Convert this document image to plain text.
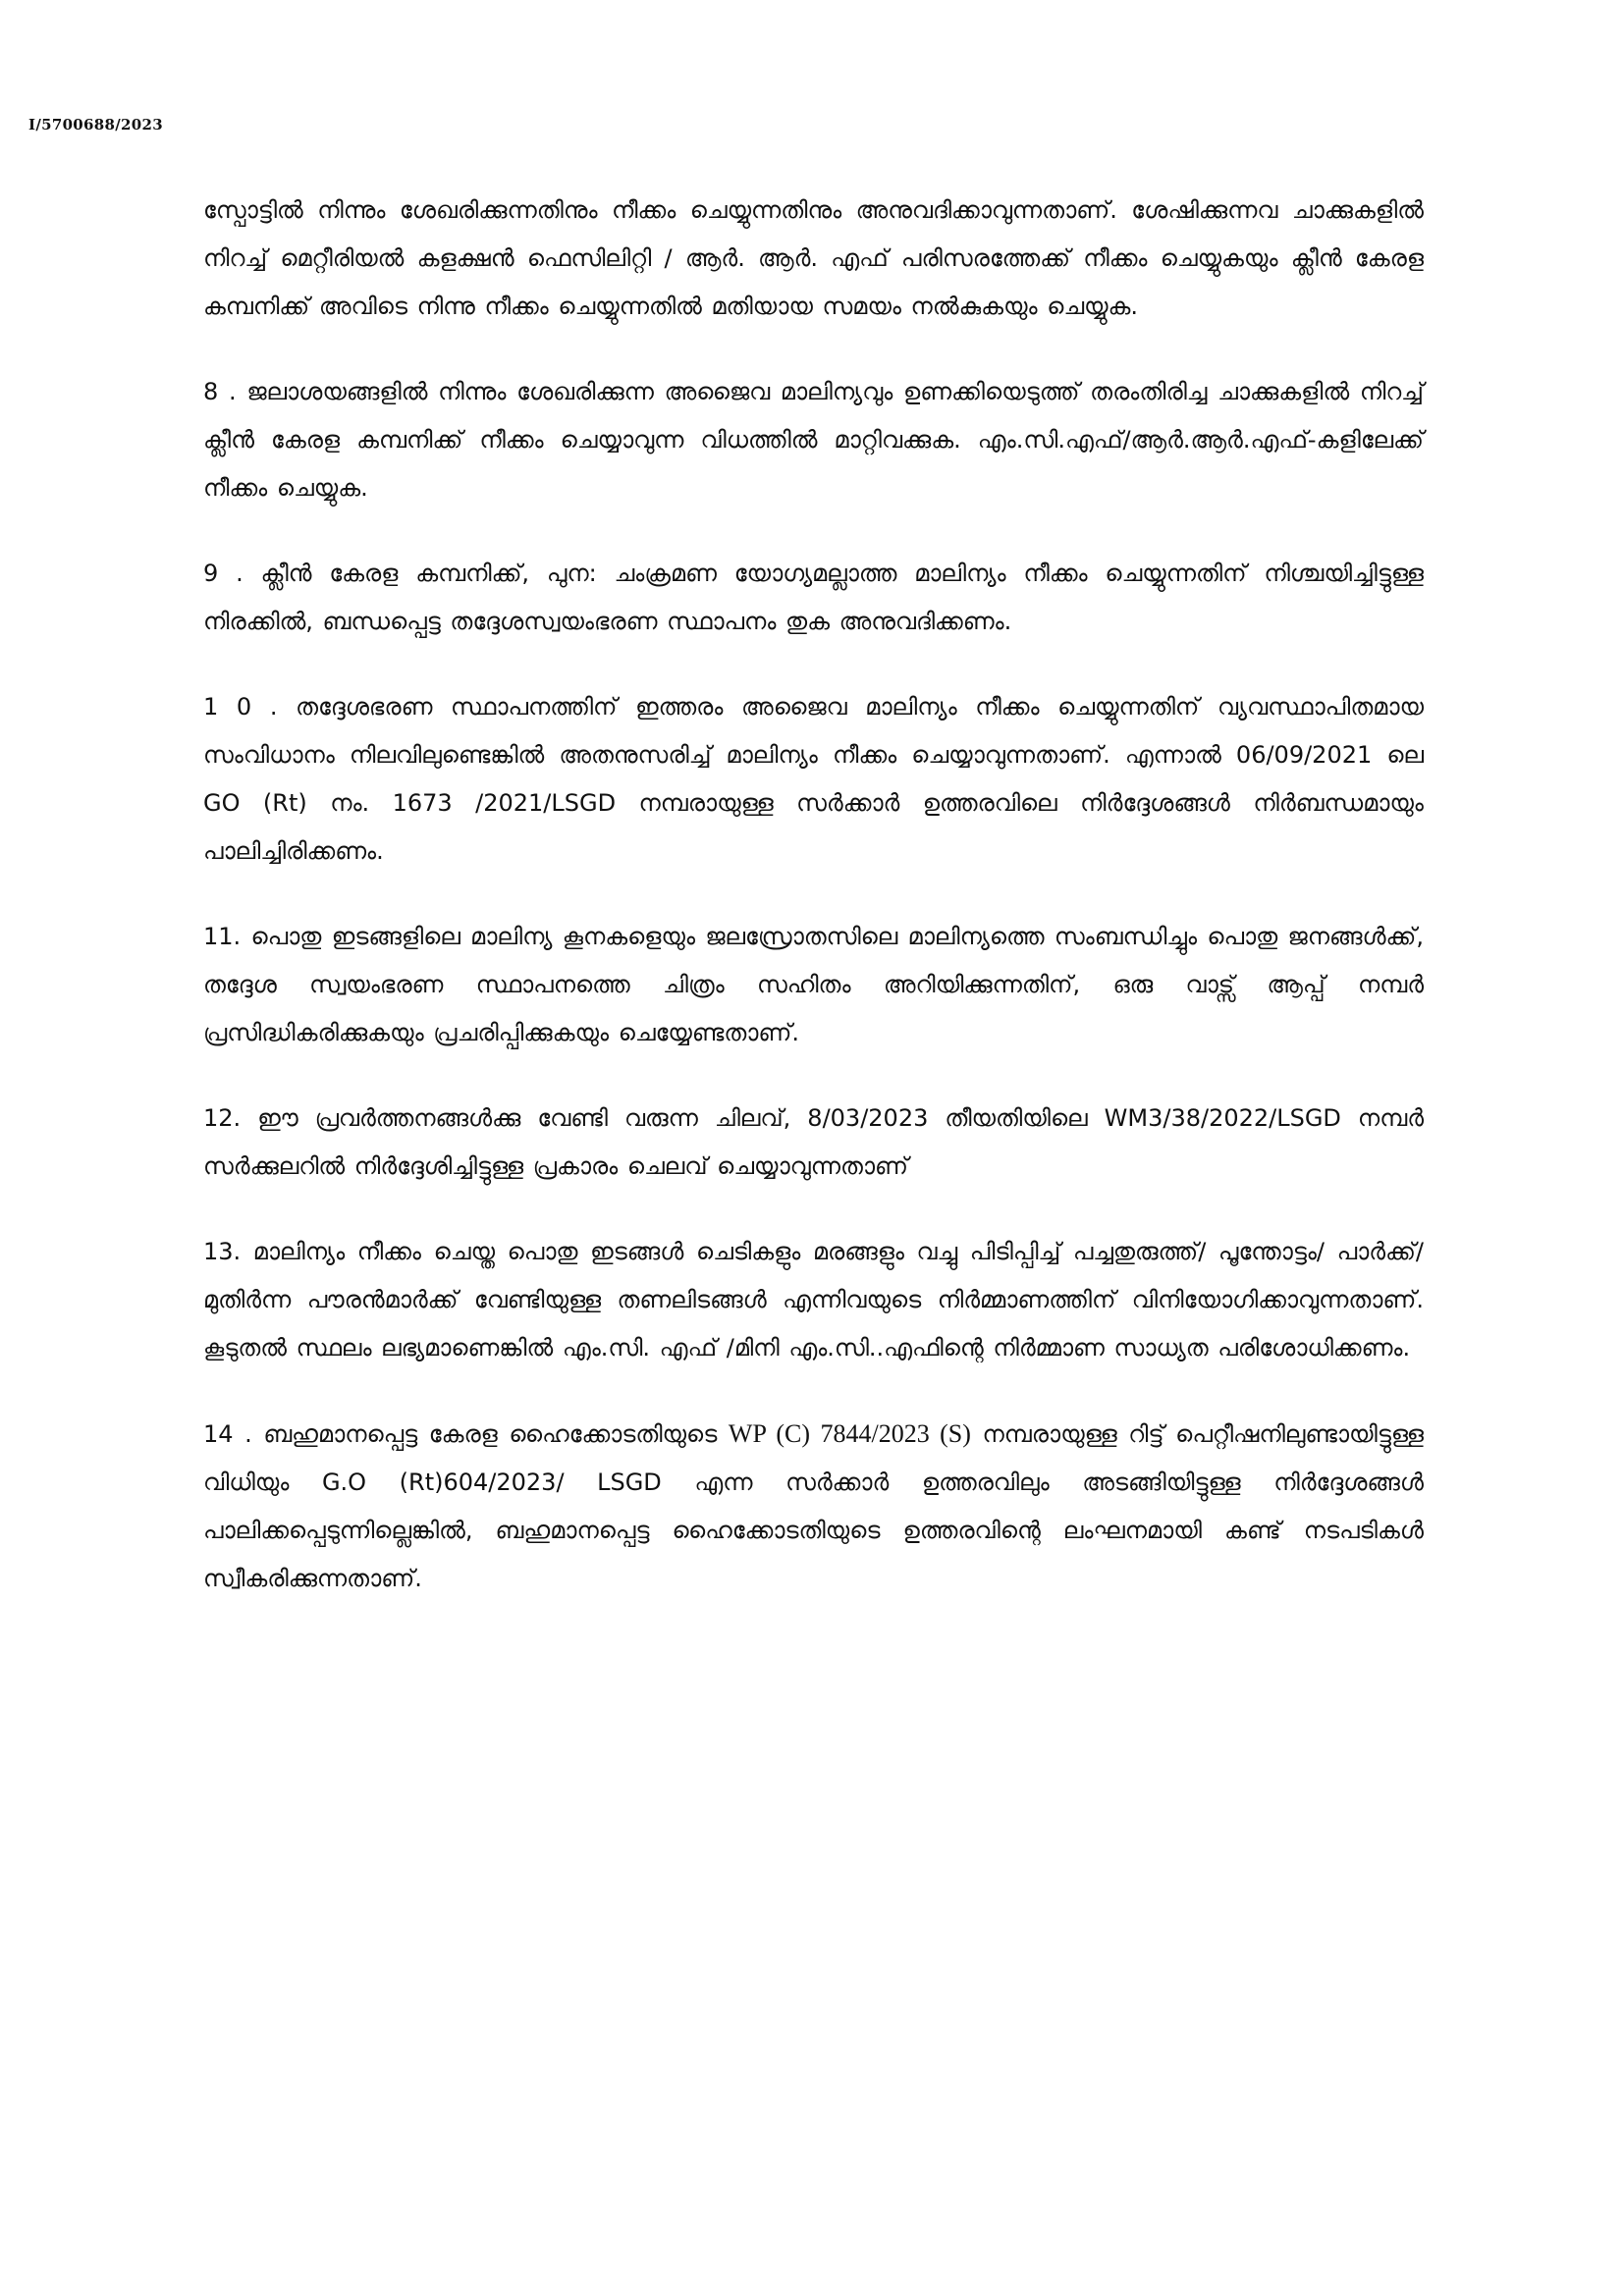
I/5700688/2023

സ്പോട്ടിൽ നിന്നും ശേഖരിക്കുന്നതിനും നീക്കം ചെയ്യുന്നതിനും അനുവദിക്കാവുന്നതാണ്. ശേഷിക്കുന്നവ ചാക്കുകളിൽ നിറച്ച് മെറ്റീരിയൽ കളക്ഷൻ ഫെസിലിറ്റി / ആർ. ആർ. എഫ് പരിസരത്തേക്ക് നീക്കം ചെയ്യുകയും ക്ലീൻ കേരള കമ്പനിക്ക് അവിടെ നിന്നു നീക്കം ചെയ്യുന്നതിൽ മതിയായ സമയം നൽകുകയും ചെയ്യുക.

8 . ജലാശയങ്ങളിൽ നിന്നും ശേഖരിക്കുന്ന അജൈവ മാലിന്യവും ഉണക്കിയെടുത്ത് തരംതിരിച്ച ചാക്കുകളിൽ നിറച്ച് ക്ലീൻ കേരള കമ്പനിക്ക് നീക്കം ചെയ്യാവുന്ന വിധത്തിൽ മാറ്റിവക്കുക. എം.സി.എഫ്/ആർ.ആർ.എഫ്-കളിലേക്ക് നീക്കം ചെയ്യുക.

9 . ക്ലീൻ കേരള കമ്പനിക്ക്, പുന: ചംക്രമണ യോഗ്യമല്ലാത്ത മാലിന്യം നീക്കം ചെയ്യുന്നതിന് നിശ്ചയിച്ചിട്ടുള്ള നിരക്കിൽ, ബന്ധപ്പെട്ട തദ്ദേശസ്വയംഭരണ സ്ഥാപനം തുക അനുവദിക്കണം.

1 0 . തദ്ദേശഭരണ സ്ഥാപനത്തിന് ഇത്തരം അജൈവ മാലിന്യം നീക്കം ചെയ്യുന്നതിന് വ്യവസ്ഥാപിതമായ സംവിധാനം നിലവിലുണ്ടെങ്കിൽ അതനുസരിച്ച് മാലിന്യം നീക്കം ചെയ്യാവുന്നതാണ്. എന്നാൽ 06/09/2021 ലെ GO (Rt) നം. 1673 /2021/LSGD നമ്പരായുള്ള സർക്കാർ ഉത്തരവിലെ നിർദ്ദേശങ്ങൾ നിർബന്ധമായും പാലിച്ചിരിക്കണം.

11. പൊതു ഇടങ്ങളിലെ മാലിന്യ കൂനകളെയും ജലസ്രോതസിലെ മാലിന്യത്തെ സംബന്ധിച്ചും പൊതു ജനങ്ങൾക്ക്, തദ്ദേശ സ്വയംഭരണ സ്ഥാപനത്തെ ചിത്രം സഹിതം അറിയിക്കുന്നതിന്, ഒരു വാട്സ് ആപ്പ് നമ്പർ പ്രസിദ്ധികരിക്കുകയും പ്രചരിപ്പിക്കുകയും ചെയ്യേണ്ടതാണ്.

12. ഈ പ്രവർത്തനങ്ങൾക്കു വേണ്ടി വരുന്ന ചിലവ്, 8/03/2023 തീയതിയിലെ WM3/38/2022/LSGD നമ്പർ സർക്കുലറിൽ നിർദ്ദേശിച്ചിട്ടുള്ള പ്രകാരം ചെലവ് ചെയ്യാവുന്നതാണ്

13. മാലിന്യം നീക്കം ചെയ്ത പൊതു ഇടങ്ങൾ ചെടികളും മരങ്ങളും വച്ചു പിടിപ്പിച്ച് പച്ചതുരുത്ത്/ പൂന്തോട്ടം/ പാർക്ക്/ മുതിർന്ന പൗരൻമാർക്ക് വേണ്ടിയുള്ള തണലിടങ്ങൾ എന്നിവയുടെ നിർമ്മാണത്തിന് വിനിയോഗിക്കാവുന്നതാണ്. കൂടുതൽ സ്ഥലം ലഭ്യമാണെങ്കിൽ എം.സി. എഫ് /മിനി എം.സി..എഫിന്റെ നിർമ്മാണ സാധ്യത പരിശോധിക്കണം.

14 . ബഹുമാനപ്പെട്ട കേരള ഹൈക്കോടതിയുടെ WP (C) 7844/2023 (S) നമ്പരായുള്ള റിട്ട് പെറ്റീഷനിലുണ്ടായിട്ടുള്ള വിധിയും G.O (Rt)604/2023/ LSGD എന്ന സർക്കാർ ഉത്തരവിലും അടങ്ങിയിട്ടുള്ള നിർദ്ദേശങ്ങൾ പാലിക്കപ്പെടുന്നില്ലെങ്കിൽ, ബഹുമാനപ്പെട്ട ഹൈക്കോടതിയുടെ ഉത്തരവിന്റെ ലംഘനമായി കണ്ട് നടപടികൾ സ്വീകരിക്കുന്നതാണ്.
